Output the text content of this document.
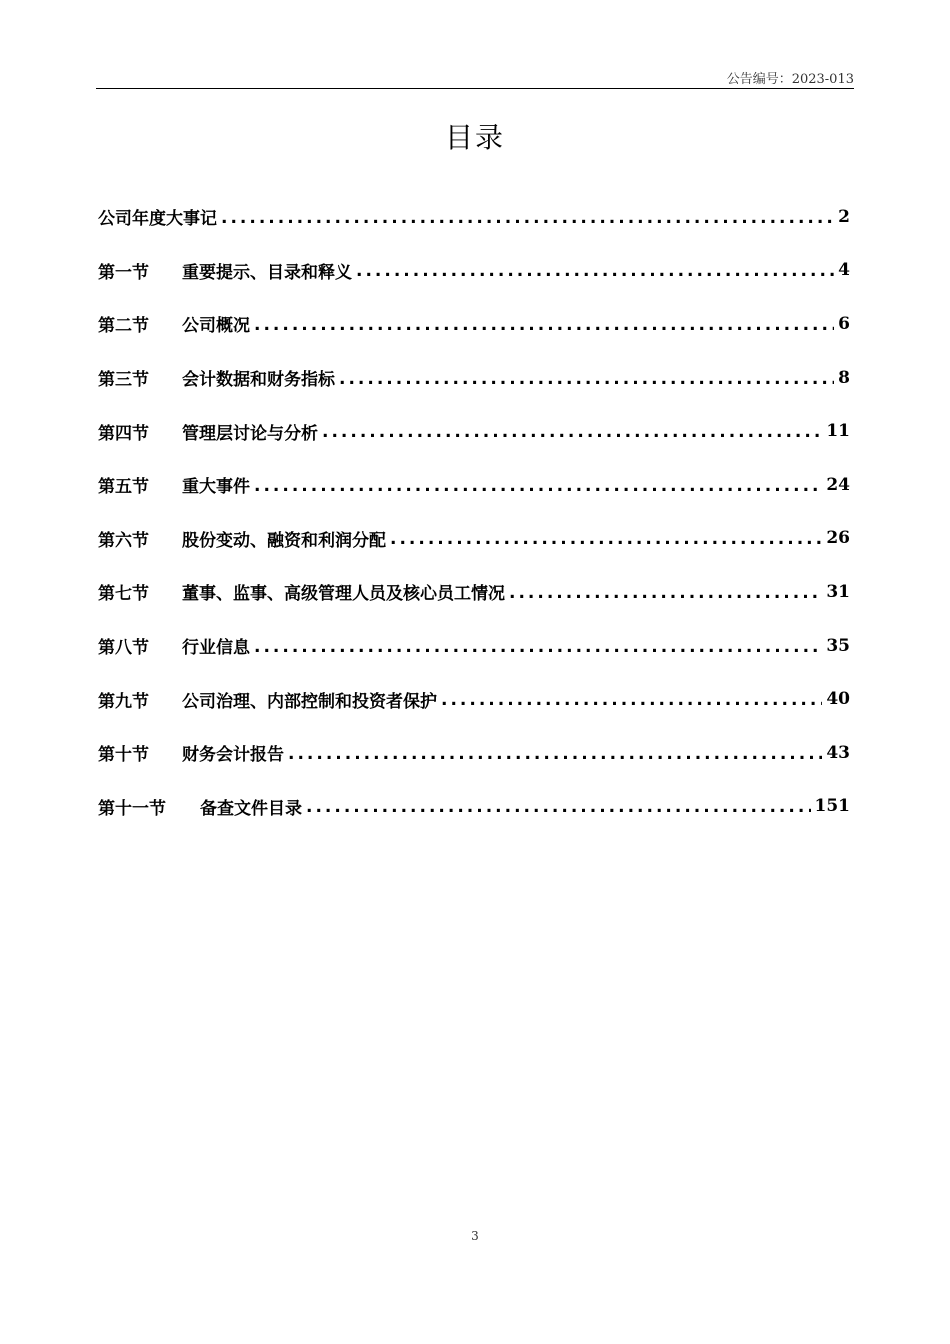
公告编号：2023-013
目录
公司年度大事记 .....	2
第一节	重要提示、目录和释义 .....	4
第二节	公司概况 .....	6
第三节	会计数据和财务指标 .....	8
第四节	管理层讨论与分析 .....	11
第五节	重大事件 .....	24
第六节	股份变动、融资和利润分配 .....	26
第七节	董事、监事、高级管理人员及核心员工情况 .....	31
第八节	行业信息 .....	35
第九节	公司治理、内部控制和投资者保护 .....	40
第十节	财务会计报告 .....	43
第十一节	备查文件目录 .....	151
3
